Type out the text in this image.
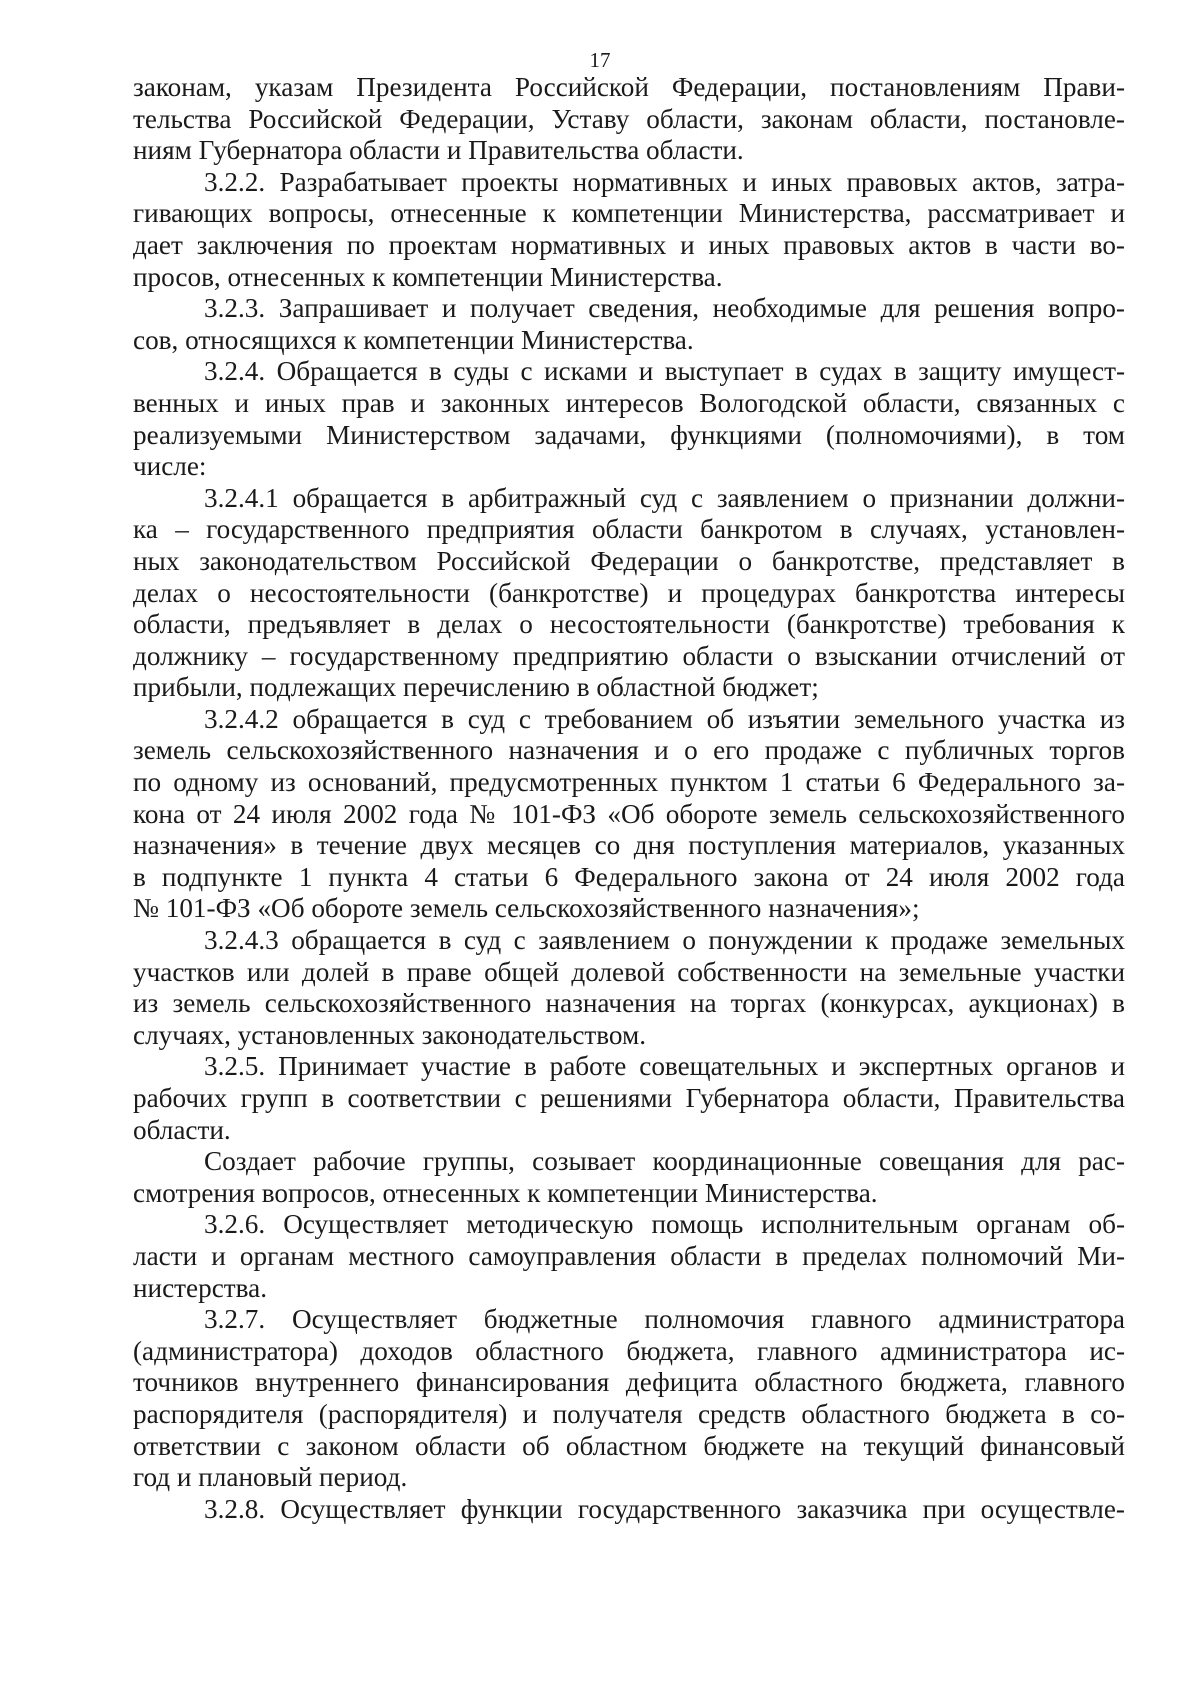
17
законам, указам Президента Российской Федерации, постановлениям Прави-
тельства Российской Федерации, Уставу области, законам области, постановле-
ниям Губернатора области и Правительства области.
3.2.2. Разрабатывает проекты нормативных и иных правовых актов, затра-
гивающих вопросы, отнесенные к компетенции Министерства, рассматривает и
дает заключения по проектам нормативных и иных правовых актов в части во-
просов, отнесенных к компетенции Министерства.
3.2.3. Запрашивает и получает сведения, необходимые для решения вопро-
сов, относящихся к компетенции Министерства.
3.2.4. Обращается в суды с исками и выступает в судах в защиту имущест-
венных и иных прав и законных интересов Вологодской области, связанных с
реализуемыми Министерством задачами, функциями (полномочиями), в том
числе:
3.2.4.1 обращается в арбитражный суд с заявлением о признании должни-
ка – государственного предприятия области банкротом в случаях, установлен-
ных законодательством Российской Федерации о банкротстве, представляет в
делах о несостоятельности (банкротстве) и процедурах банкротства интересы
области, предъявляет в делах о несостоятельности (банкротстве) требования к
должнику – государственному предприятию области о взыскании отчислений от
прибыли, подлежащих перечислению в областной бюджет;
3.2.4.2 обращается в суд с требованием об изъятии земельного участка из
земель сельскохозяйственного назначения и о его продаже с публичных торгов
по одному из оснований, предусмотренных пунктом 1 статьи 6 Федерального за-
кона от 24 июля 2002 года № 101-ФЗ «Об обороте земель сельскохозяйственного
назначения» в течение двух месяцев со дня поступления материалов, указанных
в подпункте 1 пункта 4 статьи 6 Федерального закона от 24 июля 2002 года
№ 101-ФЗ «Об обороте земель сельскохозяйственного назначения»;
3.2.4.3 обращается в суд с заявлением о понуждении к продаже земельных
участков или долей в праве общей долевой собственности на земельные участки
из земель сельскохозяйственного назначения на торгах (конкурсах, аукционах) в
случаях, установленных законодательством.
3.2.5. Принимает участие в работе совещательных и экспертных органов и
рабочих групп в соответствии с решениями Губернатора области, Правительства
области.
Создает рабочие группы, созывает координационные совещания для рас-
смотрения вопросов, отнесенных к компетенции Министерства.
3.2.6. Осуществляет методическую помощь исполнительным органам об-
ласти и органам местного самоуправления области в пределах полномочий Ми-
нистерства.
3.2.7. Осуществляет бюджетные полномочия главного администратора
(администратора) доходов областного бюджета, главного администратора ис-
точников внутреннего финансирования дефицита областного бюджета, главного
распорядителя (распорядителя) и получателя средств областного бюджета в со-
ответствии с законом области об областном бюджете на текущий финансовый
год и плановый период.
3.2.8. Осуществляет функции государственного заказчика при осуществле-
